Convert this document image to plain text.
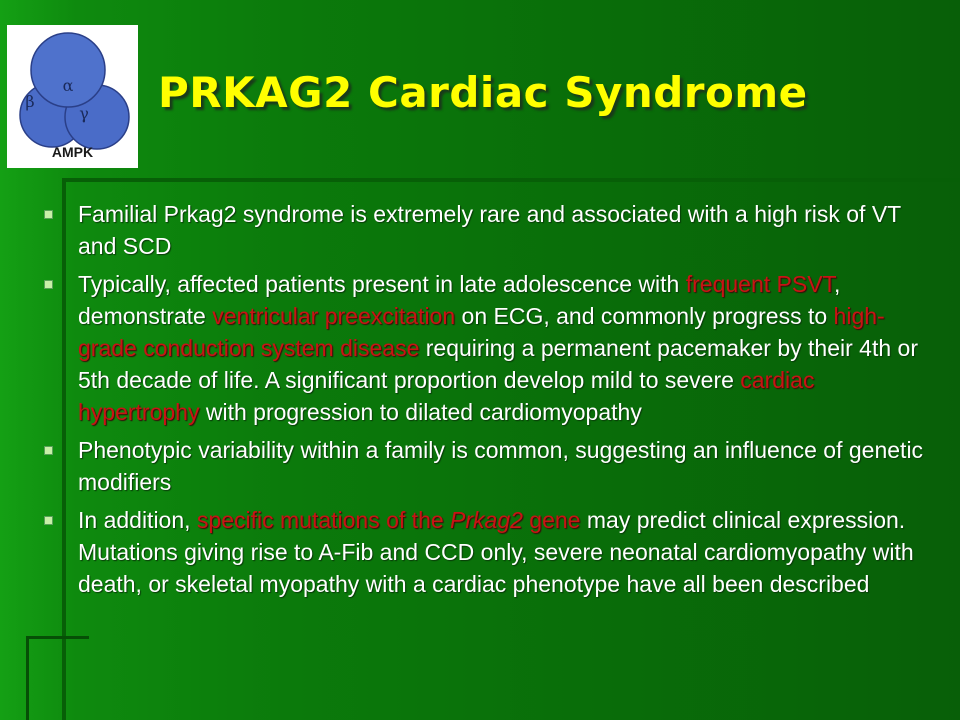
α
β
γ
AMPK
PRKAG2 Cardiac Syndrome
Familial Prkag2 syndrome is extremely rare and associated with a high risk of VT and SCD
Typically, affected patients present in late adolescence with frequent PSVT, demonstrate ventricular preexcitation on ECG, and commonly progress to high-grade conduction system disease requiring a permanent pacemaker by their 4th or 5th decade of life. A significant proportion develop mild to severe cardiac hypertrophy with progression to dilated cardiomyopathy
Phenotypic variability within a family is common, suggesting an influence of genetic modifiers
In addition, specific mutations of the Prkag2 gene may predict clinical expression. Mutations giving rise to A-Fib and CCD only, severe neonatal cardiomyopathy with death, or skeletal myopathy with a cardiac phenotype have all been described
